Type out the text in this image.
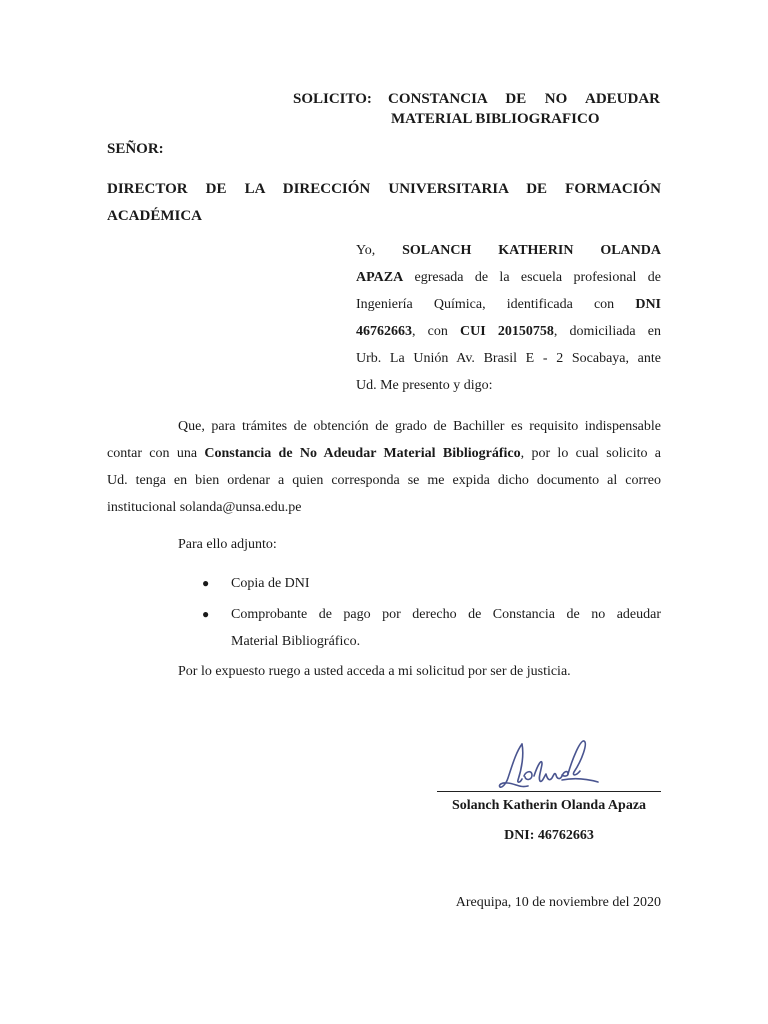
SOLICITO: CONSTANCIA DE NO ADEUDAR
MATERIAL BIBLIOGRAFICO
SEÑOR:
DIRECTOR DE LA DIRECCIÓN UNIVERSITARIA DE FORMACIÓN
ACADÉMICA
Yo, SOLANCH KATHERIN OLANDA
APAZA egresada de la escuela profesional de
Ingeniería Química, identificada con DNI
46762663, con CUI 20150758, domiciliada en
Urb. La Unión Av. Brasil E - 2 Socabaya, ante
Ud. Me presento y digo:
Que, para trámites de obtención de grado de Bachiller es requisito indispensable
contar con una Constancia de No Adeudar Material Bibliográfico, por lo cual solicito a
Ud. tenga en bien ordenar a quien corresponda se me expida dicho documento al correo
institucional solanda@unsa.edu.pe
Para ello adjunto:
● Copia de DNI
● Comprobante de pago por derecho de Constancia de no adeudar
Material Bibliográfico.
Por lo expuesto ruego a usted acceda a mi solicitud por ser de justicia.
Solanch Katherin Olanda Apaza
DNI: 46762663
Arequipa, 10 de noviembre del 2020
